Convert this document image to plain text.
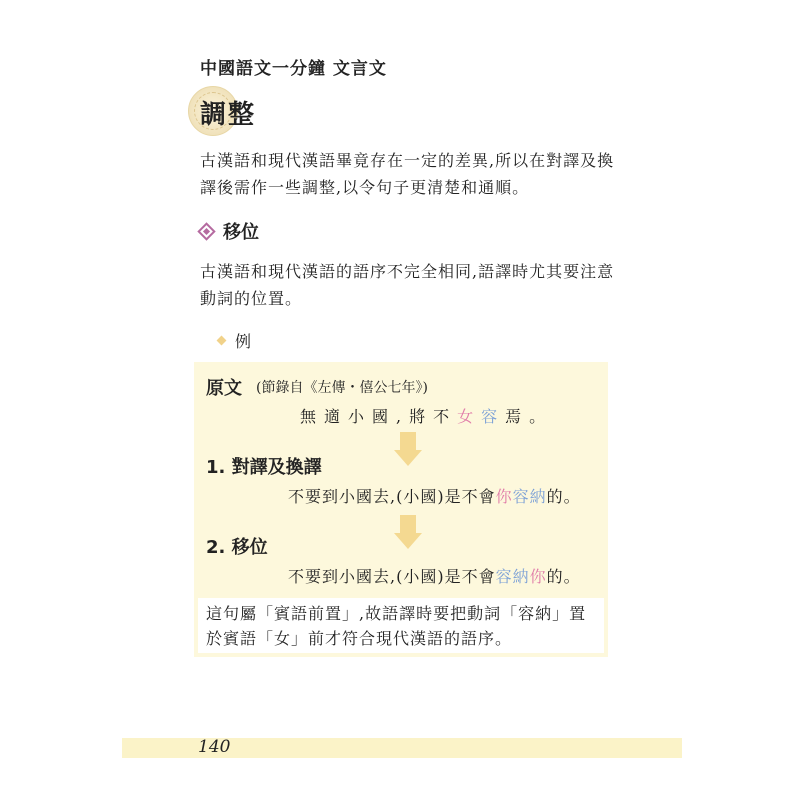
中國語文一分鐘 文言文
調整
古漢語和現代漢語畢竟存在一定的差異,所以在對譯及換譯後需作一些調整,以令句子更清楚和通順。
移位
古漢語和現代漢語的語序不完全相同,語譯時尤其要注意動詞的位置。
例
原文 (節錄自《左傳・僖公七年》)
無適小國,將不女容焉。
1. 對譯及換譯
不要到小國去,(小國)是不會你容納的。
2. 移位
不要到小國去,(小國)是不會容納你的。
這句屬「賓語前置」,故語譯時要把動詞「容納」置於賓語「女」前才符合現代漢語的語序。
140
